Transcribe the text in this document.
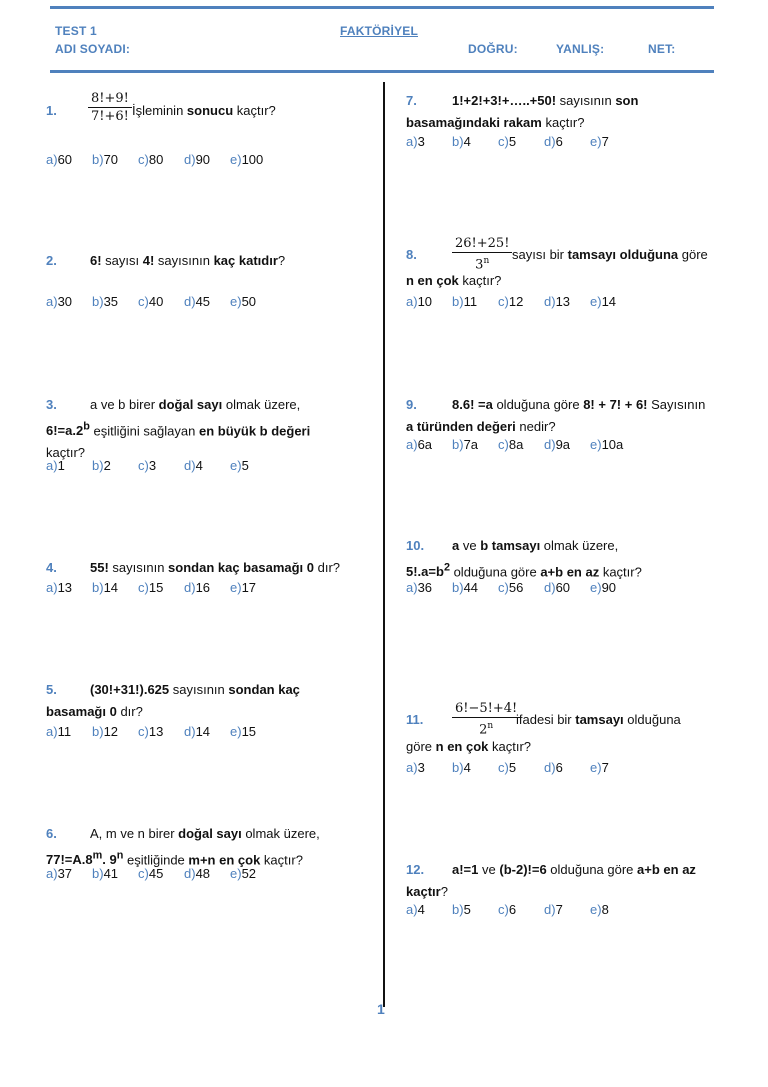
TEST 1	FAKTÖRİYEL
ADI SOYADI:	DOĞRU:	YANLIŞ:	NET:
$\frac{8!+9!}{7!+6!}$
1.	İşleminin sonucu kaçtır?
a)60 b)70 c)80 d)90 e)100
2.	6! sayısı 4! sayısının kaç katıdır?
a)30 b)35 c)40 d)45 e)50
3.	a ve b birer doğal sayı olmak üzere,
6!=a.2$^b$ eşitliğini sağlayan en büyük b değeri
kaçtır?
a)1 b)2 c)3 d)4 e)5
4.	55! sayısının sondan kaç basamağı 0 dır?
a)13 b)14 c)15 d)16 e)17
5.	(30!+31!).625 sayısının sondan kaç
basamağı 0 dır?
a)11 b)12 c)13 d)14 e)15
6.	A, m ve n birer doğal sayı olmak üzere,
$77!=A.8^m$. 9$^n$ eşitliğinde m+n en çok kaçtır?
a)37 b)41 c)45 d)48 e)52
7.	1!+2!+3!+…..+50! sayısının son
basamağındaki rakam kaçtır?
a)3 b)4 c)5 d)6 e)7
$\frac{26!+25!}{3^n}$
8.	sayısı bir tamsayı olduğuna göre
n en çok kaçtır?
a)10 b)11 c)12 d)13 e)14
9.	8.6! =a olduğuna göre 8! + 7! + 6! Sayısının
a türünden değeri nedir?
a)6a b)7a c)8a d)9a e)10a
10. a ve b tamsayı olmak üzere,
$5!.a=b^2$ olduğuna göre a+b en az kaçtır?
a)36 b)44 c)56 d)60 e)90
$\frac{6!-5!+4!}{2^n}$
11.	ifadesi bir tamsayı olduğuna
göre n en çok kaçtır?
a)3 b)4 c)5 d)6 e)7
12. a!=1 ve (b-2)!=6 olduğuna göre a+b en az
kaçtır?
a)4 b)5 c)6 d)7 e)8
1
